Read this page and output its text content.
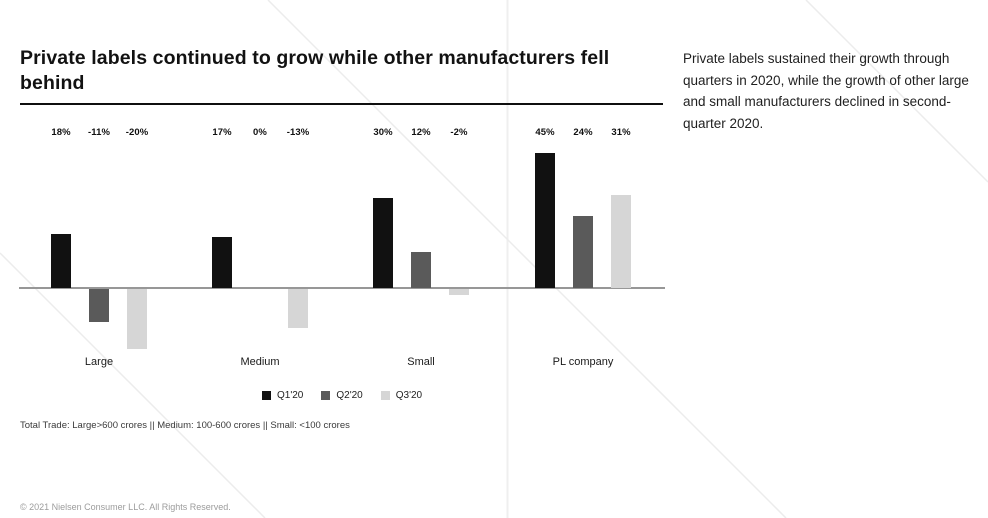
Private labels continued to grow while other manufacturers fell behind
Private labels sustained their growth through quarters in 2020, while the growth of other large and small manufacturers declined in second-quarter 2020.
18%	-11%	-20%
Large
17%	0%	-13%
Medium
30%	12%	-2%
Small
45%	24%	31%
PL company
Q1'20	Q2'20	Q3'20
Total Trade: Large>600 crores || Medium: 100-600 crores || Small: <100 crores
© 2021 Nielsen Consumer LLC. All Rights Reserved.
